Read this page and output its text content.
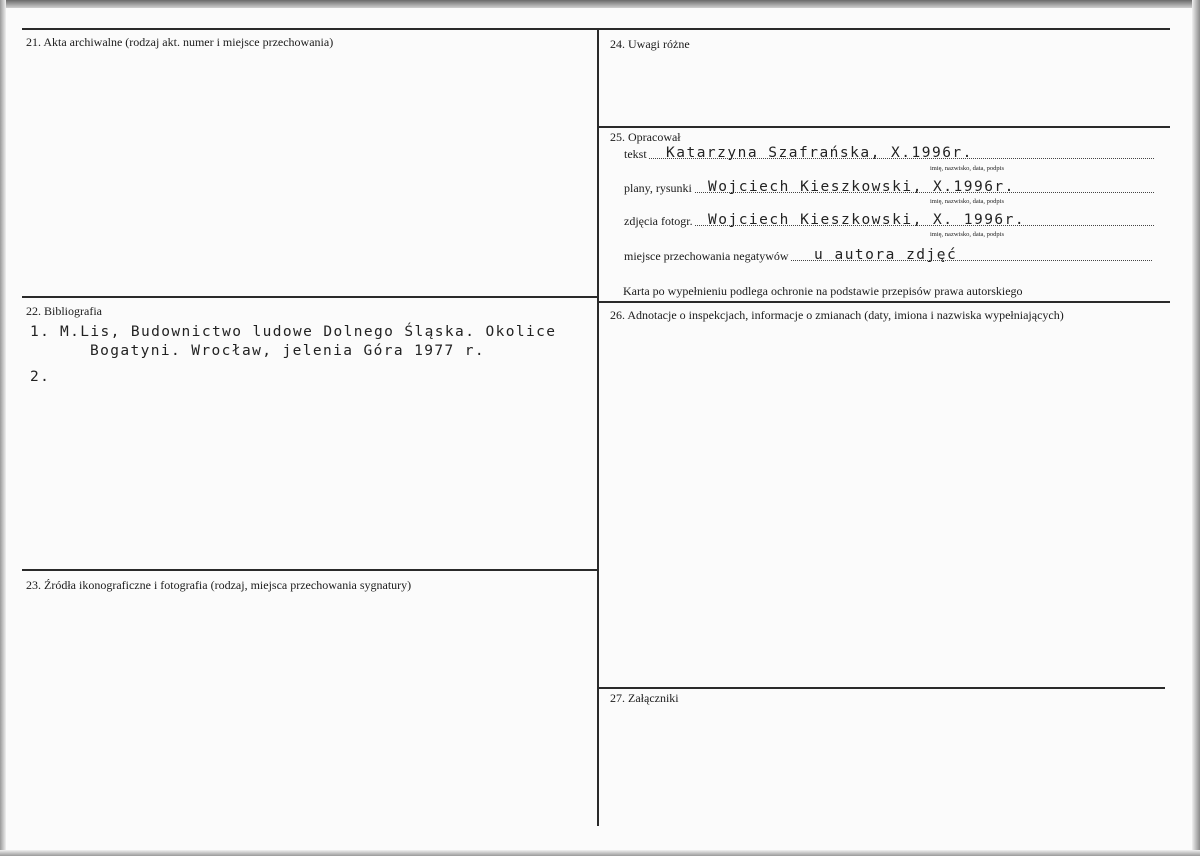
21. Akta archiwalne (rodzaj akt. numer i miejsce przechowania)
22. Bibliografia
1. M.Lis, Budownictwo ludowe Dolnego Śląska. Okolice
Bogatyni. Wrocław, jelenia Góra 1977 r.
2.
23. Źródła ikonograficzne i fotografia (rodzaj, miejsca przechowania sygnatury)
24. Uwagi różne
25. Opracował
tekst Katarzyna Szafrańska, X.1996r.
imię, nazwisko, data, podpis
plany, rysunki Wojciech Kieszkowski, X.1996r.
imię, nazwisko, data, podpis
zdjęcia fotogr. Wojciech Kieszkowski, X. 1996r.
imię, nazwisko, data, podpis
miejsce przechowania negatywów u autora zdjęć
Karta po wypełnieniu podlega ochronie na podstawie przepisów prawa autorskiego
26. Adnotacje o inspekcjach, informacje o zmianach (daty, imiona i nazwiska wypełniających)
27. Załączniki
